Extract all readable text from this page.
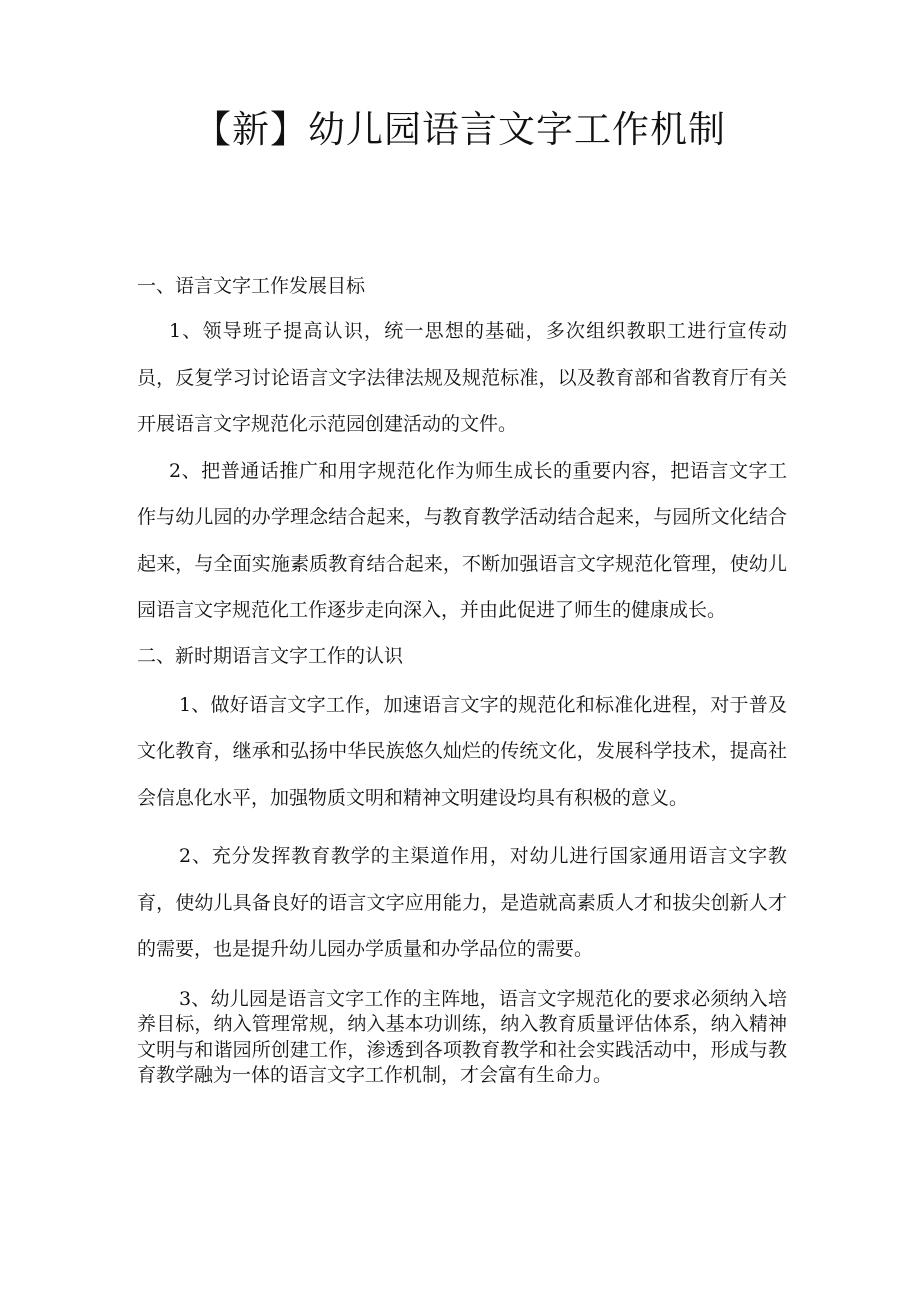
【新】幼儿园语言文字工作机制

一、语言文字工作发展目标

1、领导班子提高认识，统一思想的基础，多次组织教职工进行宣传动员，反复学习讨论语言文字法律法规及规范标准，以及教育部和省教育厅有关开展语言文字规范化示范园创建活动的文件。

2、把普通话推广和用字规范化作为师生成长的重要内容，把语言文字工作与幼儿园的办学理念结合起来，与教育教学活动结合起来，与园所文化结合起来，与全面实施素质教育结合起来，不断加强语言文字规范化管理，使幼儿园语言文字规范化工作逐步走向深入，并由此促进了师生的健康成长。

二、新时期语言文字工作的认识

1、做好语言文字工作，加速语言文字的规范化和标准化进程，对于普及文化教育，继承和弘扬中华民族悠久灿烂的传统文化，发展科学技术，提高社会信息化水平，加强物质文明和精神文明建设均具有积极的意义。

2、充分发挥教育教学的主渠道作用，对幼儿进行国家通用语言文字教育，使幼儿具备良好的语言文字应用能力，是造就高素质人才和拔尖创新人才的需要，也是提升幼儿园办学质量和办学品位的需要。

3、幼儿园是语言文字工作的主阵地，语言文字规范化的要求必须纳入培养目标，纳入管理常规，纳入基本功训练，纳入教育质量评估体系，纳入精神文明与和谐园所创建工作，渗透到各项教育教学和社会实践活动中，形成与教育教学融为一体的语言文字工作机制，才会富有生命力。
